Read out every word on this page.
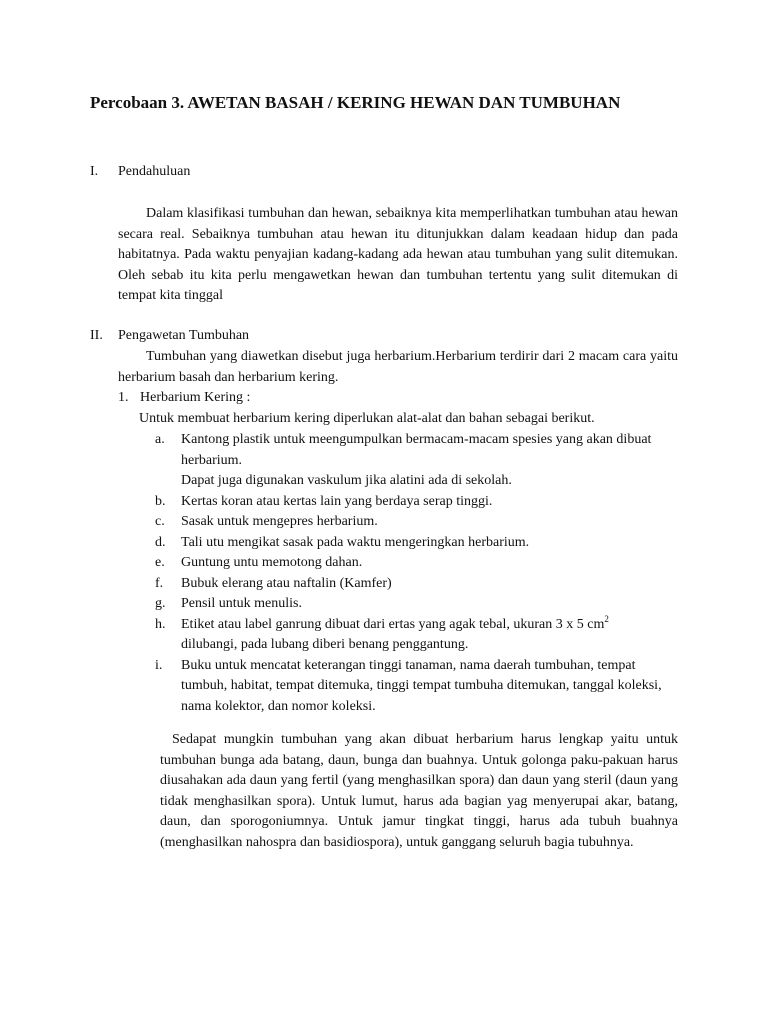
Percobaan 3. AWETAN BASAH / KERING HEWAN DAN TUMBUHAN
I. Pendahuluan

Dalam klasifikasi tumbuhan dan hewan, sebaiknya kita memperlihatkan tumbuhan atau hewan secara real. Sebaiknya tumbuhan atau hewan itu ditunjukkan dalam keadaan hidup dan pada habitatnya. Pada waktu penyajian kadang-kadang ada hewan atau tumbuhan yang sulit ditemukan. Oleh sebab itu kita perlu mengawetkan hewan dan tumbuhan tertentu yang sulit ditemukan di tempat kita tinggal

II. Pengawetan Tumbuhan

Tumbuhan yang diawetkan disebut juga herbarium.Herbarium terdirir dari 2 macam cara yaitu herbarium basah dan herbarium kering.

1. Herbarium Kering :

Untuk membuat herbarium kering diperlukan alat-alat dan bahan sebagai berikut.

a. Kantong plastik untuk meengumpulkan bermacam-macam spesies yang akan dibuat herbarium.
Dapat juga digunakan vaskulum jika alatini ada di sekolah.
b. Kertas koran atau kertas lain yang berdaya serap tinggi.
c. Sasak untuk mengepres herbarium.
d. Tali utu mengikat sasak pada waktu mengeringkan herbarium.
e. Guntung untu memotong dahan.
f. Bubuk elerang atau naftalin (Kamfer)
g. Pensil untuk menulis.
h. Etiket atau label ganrung dibuat dari ertas yang agak tebal, ukuran 3 x 5 $cm^2$
dilubangi, pada lubang diberi benang penggantung.
i. Buku untuk mencatat keterangan tinggi tanaman, nama daerah tumbuhan, tempat tumbuh, habitat, tempat ditemuka, tinggi tempat tumbuha ditemukan, tanggal koleksi, nama kolektor, dan nomor koleksi.

Sedapat mungkin tumbuhan yang akan dibuat herbarium harus lengkap yaitu untuk tumbuhan bunga ada batang, daun, bunga dan buahnya. Untuk golonga paku-pakuan harus diusahakan ada daun yang fertil (yang menghasilkan spora) dan daun yang steril (daun yang tidak menghasilkan spora). Untuk lumut, harus ada bagian yag menyerupai akar, batang, daun, dan sporogoniumnya. Untuk jamur tingkat tinggi, harus ada tubuh buahnya (menghasilkan nahospra dan basidiospora), untuk ganggang seluruh bagia tubuhnya.
